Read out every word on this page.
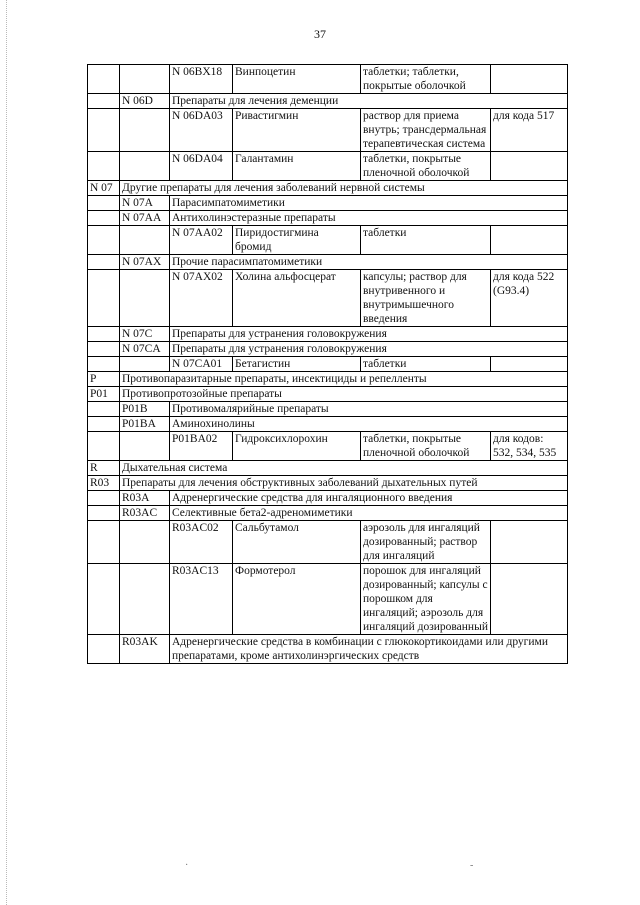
37
		N 06BX18	Винпоцетин	таблетки; таблетки, покрытые оболочкой	
	N 06D	Препараты для лечения деменции			
		N 06DA03	Ривастигмин	раствор для приема внутрь; трансдермальная терапевтическая система	для кода 517
		N 06DA04	Галантамин	таблетки, покрытые пленочной оболочкой	
N 07	Другие препараты для лечения заболеваний нервной системы				
	N 07A	Парасимпатомиметики			
	N 07AA	Антихолинэстеразные препараты			
		N 07AA02	Пиридостигмина бромид	таблетки	
	N 07AX	Прочие парасимпатомиметики			
		N 07AX02	Холина альфосцерат	капсулы; раствор для внутривенного и внутримышечного введения	для кода 522 (G93.4)
	N 07C	Препараты для устранения головокружения			
	N 07CA	Препараты для устранения головокружения			
		N 07CA01	Бетагистин	таблетки	
P	Противопаразитарные препараты, инсектициды и репелленты				
P01	Противопротозойные препараты				
	P01B	Противомалярийные препараты			
	P01BA	Аминохинолины			
		P01BA02	Гидроксихлорохин	таблетки, покрытые пленочной оболочкой	для кодов: 532, 534, 535
R	Дыхательная система				
R03	Препараты для лечения обструктивных заболеваний дыхательных путей				
	R03A	Адренергические средства для ингаляционного введения			
	R03AC	Селективные бета2-адреномиметики			
		R03AC02	Сальбутамол	аэрозоль для ингаляций дозированный; раствор для ингаляций	
		R03AC13	Формотерол	порошок для ингаляций дозированный; капсулы с порошком для ингаляций; аэрозоль для ингаляций дозированный	
	R03AK	Адренергические средства в комбинации с глюкокортикоидами или другими препаратами, кроме антихолинэргических средств			
·	-
